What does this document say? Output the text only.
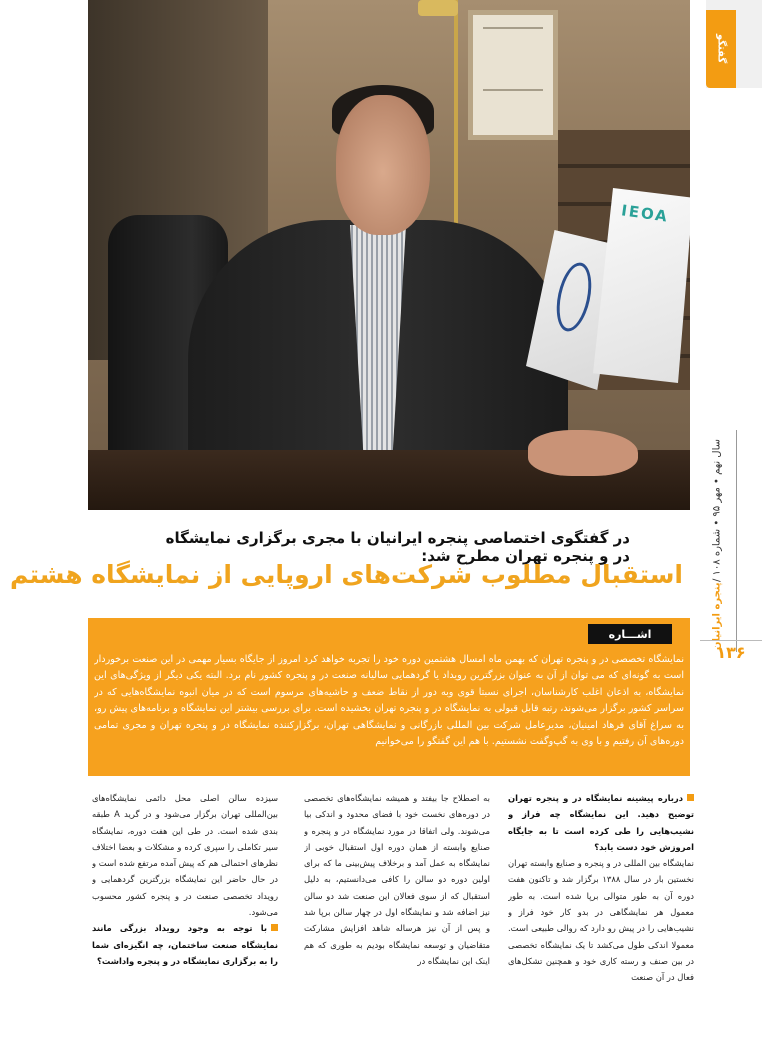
IEOA
گفتگو
پنجره ایرانیان
/ سال نهم • مهر ۹۵ • شماره ۱۰۸
۱۳۶
در گفتگوی اختصاصی پنجره ایرانیان با مجری برگزاری نمایشگاه در و پنجره تهران مطرح شد:
استقبال مطلوب شرکت‌های اروپایی از نمایشگاه هشتم
اشـــاره
نمایشگاه تخصصی در و پنجره تهران که بهمن ماه امسال هشتمین دوره خود را تجربه خواهد کرد امروز از جایگاه بسیار مهمی در این صنعت برخوردار است به گونه‌ای که می توان از آن به عنوان بزرگترین رویداد یا گردهمایی سالیانه صنعت در و پنجره کشور نام برد. البته یکی دیگر از ویژگی‌های این نمایشگاه، به اذعان اغلب کارشناسان، اجرای نسبتا قوی وبه دور از نقاط ضعف و حاشیه‌های مرسوم است که در میان انبوه نمایشگاه‌هایی که در سراسر کشور برگزار می‌شوند، رتبه قابل قبولی به نمایشگاه در و پنجره تهران بخشیده است. برای بررسی بیشتر این نمایشگاه و برنامه‌های پیش رو، به سراغ آقای فرهاد امینیان، مدیرعامل شرکت بین المللی بازرگانی و نمایشگاهی تهران، برگزارکننده نمایشگاه در و پنجره تهران و مجری تمامی دوره‌های آن رفتیم و با وی به گپ‌وگفت نشستیم. با هم این گفتگو را می‌خوانیم

درباره پیشینه نمایشگاه در و پنجره تهران توضیح دهید. این نمایشگاه چه فراز و نشیب‌هایی را طی کرده است تا به جایگاه امروزش خود دست یابد؟

نمایشگاه بین المللی در و پنجره و صنایع وابسته تهران نخستین بار در سال ۱۳۸۸ برگزار شد و تاکنون هفت دوره آن به طور متوالی برپا شده است. به طور معمول هر نمایشگاهی در بدو کار خود فراز و نشیب‌هایی را در پیش رو دارد که روالی طبیعی است. معمولا اندکی طول می‌کشد تا یک نمایشگاه تخصصی در بین صنف و رسته کاری خود و همچنین تشکل‌های فعال در آن صنعت

به اصطلاح جا بیفتد و همیشه نمایشگاه‌های تخصصی در دوره‌های نخست خود با فضای محدود و اندکی بیا می‌شوند. ولی اتفاقا در مورد نمایشگاه در و پنجره و صنایع وابسته از همان دوره اول استقبال خوبی از نمایشگاه به عمل آمد و برخلاف پیش‌بینی ما که برای اولین دوره دو سالن را کافی می‌دانستیم، به دلیل استقبال که از سوی فعالان این صنعت شد دو سالن نیز اضافه شد و نمایشگاه اول در چهار سالن برپا شد و پس از آن نیز هرساله شاهد افزایش مشارکت متقاضیان و توسعه نمایشگاه بودیم به طوری که هم اینک این نمایشگاه در

سیزده سالن اصلی محل دائمی نمایشگاه‌های بین‌المللی تهران برگزار می‌شود و در گرید A طبقه بندی شده است. در طی این هفت دوره، نمایشگاه سیر تکاملی را سپری کرده و مشکلات و بعضا اختلاف نظرهای احتمالی هم که پیش آمده مرتفع شده است و در حال حاضر این نمایشگاه بزرگترین گردهمایی و رویداد تخصصی صنعت در و پنجره کشور محسوب می‌شود.

با توجه به وجود رویداد بزرگی مانند نمایشگاه صنعت ساختمان، چه انگیزه‌ای شما را به برگزاری نمایشگاه در و پنجره واداشت؟
